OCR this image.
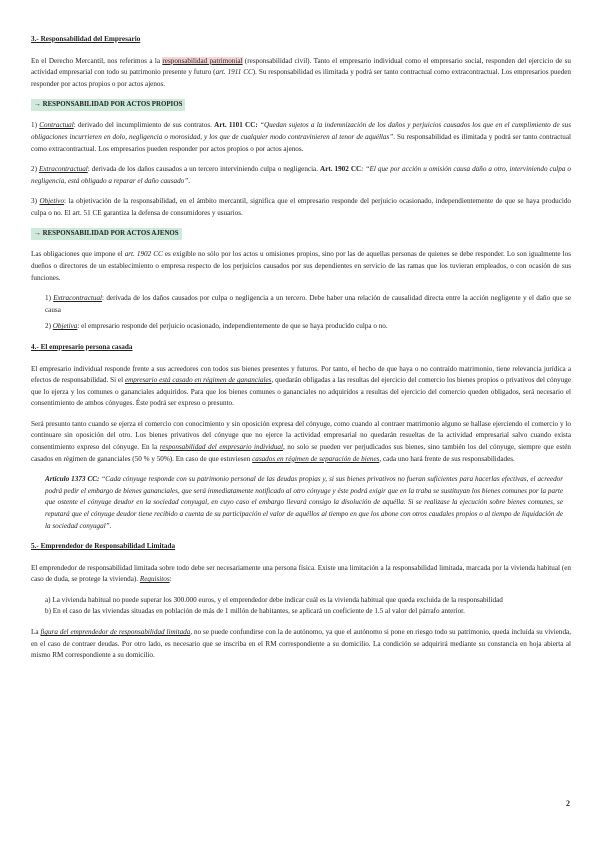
3.- Responsabilidad del Empresario

En el Derecho Mercantil, nos referimos a la responsabilidad patrimonial (responsabilidad civil). Tanto el empresario individual como el empresario social, responden del ejercicio de su actividad empresarial con todo su patrimonio presente y futuro (art. 1911 CC). Su responsabilidad es ilimitada y podrá ser tanto contractual como extracontractual. Los empresarios pueden responder por actos propios o por actos ajenos.

→ RESPONSABILIDAD POR ACTOS PROPIOS

1) Contractual: derivado del incumplimiento de sus contratos. Art. 1101 CC: “Quedan sujetos a la indemnización de los daños y perjuicios causados los que en el cumplimiento de sus obligaciones incurrieren en dolo, negligencia o morosidad, y los que de cualquier modo contravinieren al tenor de aquéllas”. Su responsabilidad es ilimitada y podrá ser tanto contractual como extracontractual. Los empresarios pueden responder por actos propios o por actos ajenos.

2) Extracontractual: derivada de los daños causados a un tercero interviniendo culpa o negligencia. Art. 1902 CC: “El que por acción u omisión causa daño a otro, interviniendo culpa o negligencia, está obligado a reparar el daño causado”.

3) Objetivo: la objetivación de la responsabilidad, en el ámbito mercantil, significa que el empresario responde del perjuicio ocasionado, independientemente de que se haya producido culpa o no. El art. 51 CE garantiza la defensa de consumidores y usuarios.

→ RESPONSABILIDAD POR ACTOS AJENOS

Las obligaciones que impone el art. 1902 CC es exigible no sólo por los actos u omisiones propios, sino por las de aquellas personas de quienes se debe responder. Lo son igualmente los dueños o directores de un establecimiento o empresa respecto de los perjuicios causados por sus dependientes en servicio de las ramas que los tuvieran empleados, o con ocasión de sus funciones.

1) Extracontractual: derivada de los daños causados por culpa o negligencia a un tercero. Debe haber una relación de causalidad directa entre la acción negligente y el daño que se causa

2) Objetiva: el empresario responde del perjuicio ocasionado, independientemente de que se haya producido culpa o no.

4.- El empresario persona casada

El empresario individual responde frente a sus acreedores con todos sus bienes presentes y futuros. Por tanto, el hecho de que haya o no contraído matrimonio, tiene relevancia jurídica a efectos de responsabilidad. Si el empresario está casado en régimen de gananciales, quedarán obligadas a las resultas del ejercicio del comercio los bienes propios o privativos del cónyuge que lo ejerza y los comunes o gananciales adquiridos. Para que los bienes comunes o gananciales no adquiridos a resultas del ejercicio del comercio queden obligados, será necesario el consentimiento de ambos cónyuges. Éste podrá ser expreso o presunto.

Será presunto tanto cuando se ejerza el comercio con conocimiento y sin oposición expresa del cónyuge, como cuando al contraer matrimonio alguno se hallase ejerciendo el comercio y lo continuare sin oposición del otro. Los bienes privativos del cónyuge que no ejerce la actividad empresarial no quedarán resueltas de la actividad empresarial salvo cuando exista consentimiento expreso del cónyuge. En la responsabilidad del empresario individual, no solo se pueden ver perjudicados sus bienes, sino también los del cónyuge, siempre que estén casados en régimen de gananciales (50 % y 50%). En caso de que estuviesen casados en régimen de separación de bienes, cada uno hará frente de sus responsabilidades.

Artículo 1373 CC: “Cada cónyuge responde con su patrimonio personal de las deudas propias y, si sus bienes privativos no fueran suficientes para hacerlas efectivas, el acreedor podrá pedir el embargo de bienes gananciales, que será inmediatamente notificado al otro cónyuge y éste podrá exigir que en la traba se sustituyan los bienes comunes por la parte que ostente el cónyuge deudor en la sociedad conyugal, en cuyo caso el embargo llevará consigo la disolución de aquélla. Si se realizase la ejecución sobre bienes comunes, se reputará que el cónyuge deudor tiene recibido a cuenta de su participación el valor de aquéllos al tiempo en que los abone con otros caudales propios o al tiempo de liquidación de la sociedad conyugal”.

5.- Emprendedor de Responsabilidad Limitada

El emprendedor de responsabilidad limitada sobre todo debe ser necesariamente una persona física. Existe una limitación a la responsabilidad limitada, marcada por la vivienda habitual (en caso de duda, se protege la vivienda). Requisitos:

a) La vivienda habitual no puede superar los 300.000 euros, y el emprendedor debe indicar cuál es la vivienda habitual que queda excluida de la responsabilidad

b) En el caso de las viviendas situadas en población de más de 1 millón de habitantes, se aplicará un coeficiente de 1.5 al valor del párrafo anterior.

La figura del emprendedor de responsabilidad limitada, no se puede confundirse con la de autónomo, ya que el autónomo si pone en riesgo todo su patrimonio, queda incluida su vivienda, en el caso de contraer deudas. Por otro lado, es necesario que se inscriba en el RM correspondiente a su domicilio. La condición se adquirirá mediante su constancia en hoja abierta al mismo RM correspondiente a su domicilio.

2
